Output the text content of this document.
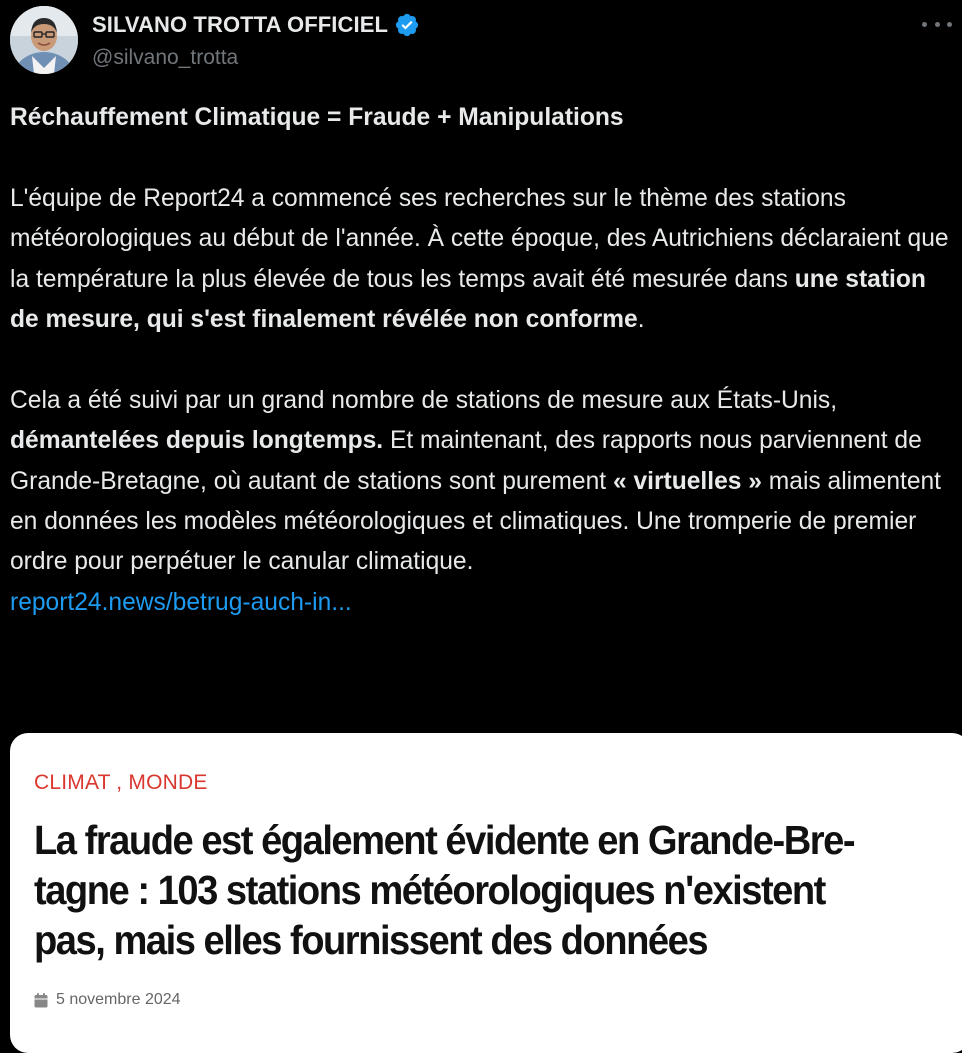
SILVANO TROTTA OFFICIEL
@silvano_trotta

Réchauffement Climatique = Fraude + Manipulations

L'équipe de Report24 a commencé ses recherches sur le thème des stations météorologiques au début de l'année. À cette époque, des Autrichiens déclaraient que la température la plus élevée de tous les temps avait été mesurée dans une station de mesure, qui s'est finalement révélée non conforme.

Cela a été suivi par un grand nombre de stations de mesure aux États-Unis, démantelées depuis longtemps. Et maintenant, des rapports nous parviennent de Grande-Bretagne, où autant de stations sont purement « virtuelles » mais alimentent en données les modèles météorologiques et climatiques. Une tromperie de premier ordre pour perpétuer le canular climatique.

report24.news/betrug-auch-in...

CLIMAT , MONDE
La fraude est également évidente en Grande-Bre-tagne : 103 stations météorologiques n'existent pas, mais elles fournissent des données
5 novembre 2024
